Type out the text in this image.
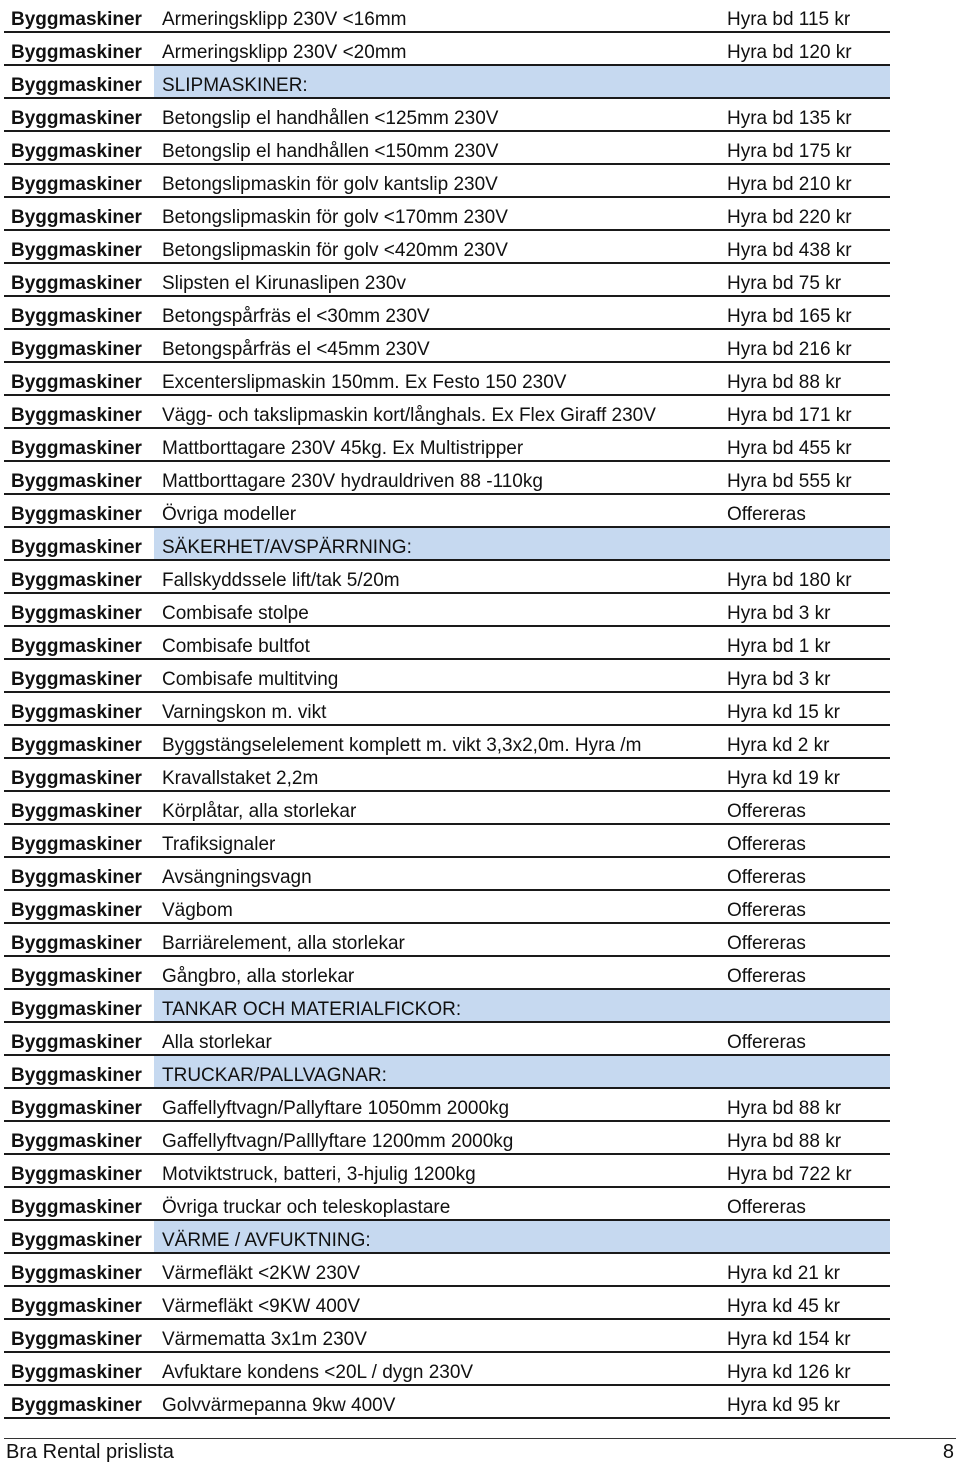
Byggmaskiner	Armeringsklipp 230V <16mm	Hyra bd 115 kr
Byggmaskiner	Armeringsklipp 230V <20mm	Hyra bd 120 kr
Byggmaskiner	SLIPMASKINER:	
Byggmaskiner	Betongslip el handhållen <125mm 230V	Hyra bd 135 kr
Byggmaskiner	Betongslip el handhållen <150mm 230V	Hyra bd 175 kr
Byggmaskiner	Betongslipmaskin för golv kantslip 230V	Hyra bd 210 kr
Byggmaskiner	Betongslipmaskin för golv <170mm 230V	Hyra bd 220 kr
Byggmaskiner	Betongslipmaskin för golv <420mm 230V	Hyra bd 438 kr
Byggmaskiner	Slipsten el Kirunaslipen 230v	Hyra bd 75 kr
Byggmaskiner	Betongspårfräs el <30mm 230V	Hyra bd 165 kr
Byggmaskiner	Betongspårfräs el <45mm 230V	Hyra bd 216 kr
Byggmaskiner	Excenterslipmaskin 150mm. Ex Festo 150 230V	Hyra bd 88 kr
Byggmaskiner	Vägg- och takslipmaskin kort/långhals. Ex Flex Giraff 230V	Hyra bd 171 kr
Byggmaskiner	Mattborttagare 230V 45kg. Ex Multistripper	Hyra bd 455 kr
Byggmaskiner	Mattborttagare 230V hydrauldriven 88 -110kg	Hyra bd 555 kr
Byggmaskiner	Övriga modeller	Offereras
Byggmaskiner	SÄKERHET/AVSPÄRRNING:	
Byggmaskiner	Fallskyddssele lift/tak 5/20m	Hyra bd 180 kr
Byggmaskiner	Combisafe stolpe	Hyra bd 3 kr
Byggmaskiner	Combisafe bultfot	Hyra bd 1 kr
Byggmaskiner	Combisafe multitving	Hyra bd 3 kr
Byggmaskiner	Varningskon m. vikt	Hyra kd 15 kr
Byggmaskiner	Byggstängselelement komplett m. vikt 3,3x2,0m. Hyra /m	Hyra kd 2 kr
Byggmaskiner	Kravallstaket 2,2m	Hyra kd 19 kr
Byggmaskiner	Körplåtar, alla storlekar	Offereras
Byggmaskiner	Trafiksignaler	Offereras
Byggmaskiner	Avsängningsvagn	Offereras
Byggmaskiner	Vägbom	Offereras
Byggmaskiner	Barriärelement, alla storlekar	Offereras
Byggmaskiner	Gångbro, alla storlekar	Offereras
Byggmaskiner	TANKAR OCH MATERIALFICKOR:	
Byggmaskiner	Alla storlekar	Offereras
Byggmaskiner	TRUCKAR/PALLVAGNAR:	
Byggmaskiner	Gaffellyftvagn/Pallyftare 1050mm 2000kg	Hyra bd 88 kr
Byggmaskiner	Gaffellyftvagn/Palllyftare 1200mm 2000kg	Hyra bd 88 kr
Byggmaskiner	Motviktstruck, batteri, 3-hjulig 1200kg	Hyra bd 722 kr
Byggmaskiner	Övriga truckar och teleskoplastare	Offereras
Byggmaskiner	VÄRME / AVFUKTNING:	
Byggmaskiner	Värmefläkt <2KW 230V	Hyra kd 21 kr
Byggmaskiner	Värmefläkt <9KW 400V	Hyra kd 45 kr
Byggmaskiner	Värmematta 3x1m 230V	Hyra kd 154 kr
Byggmaskiner	Avfuktare kondens <20L / dygn 230V	Hyra kd 126 kr
Byggmaskiner	Golvvärmepanna 9kw 400V	Hyra kd 95 kr
Bra Rental prislista	8
